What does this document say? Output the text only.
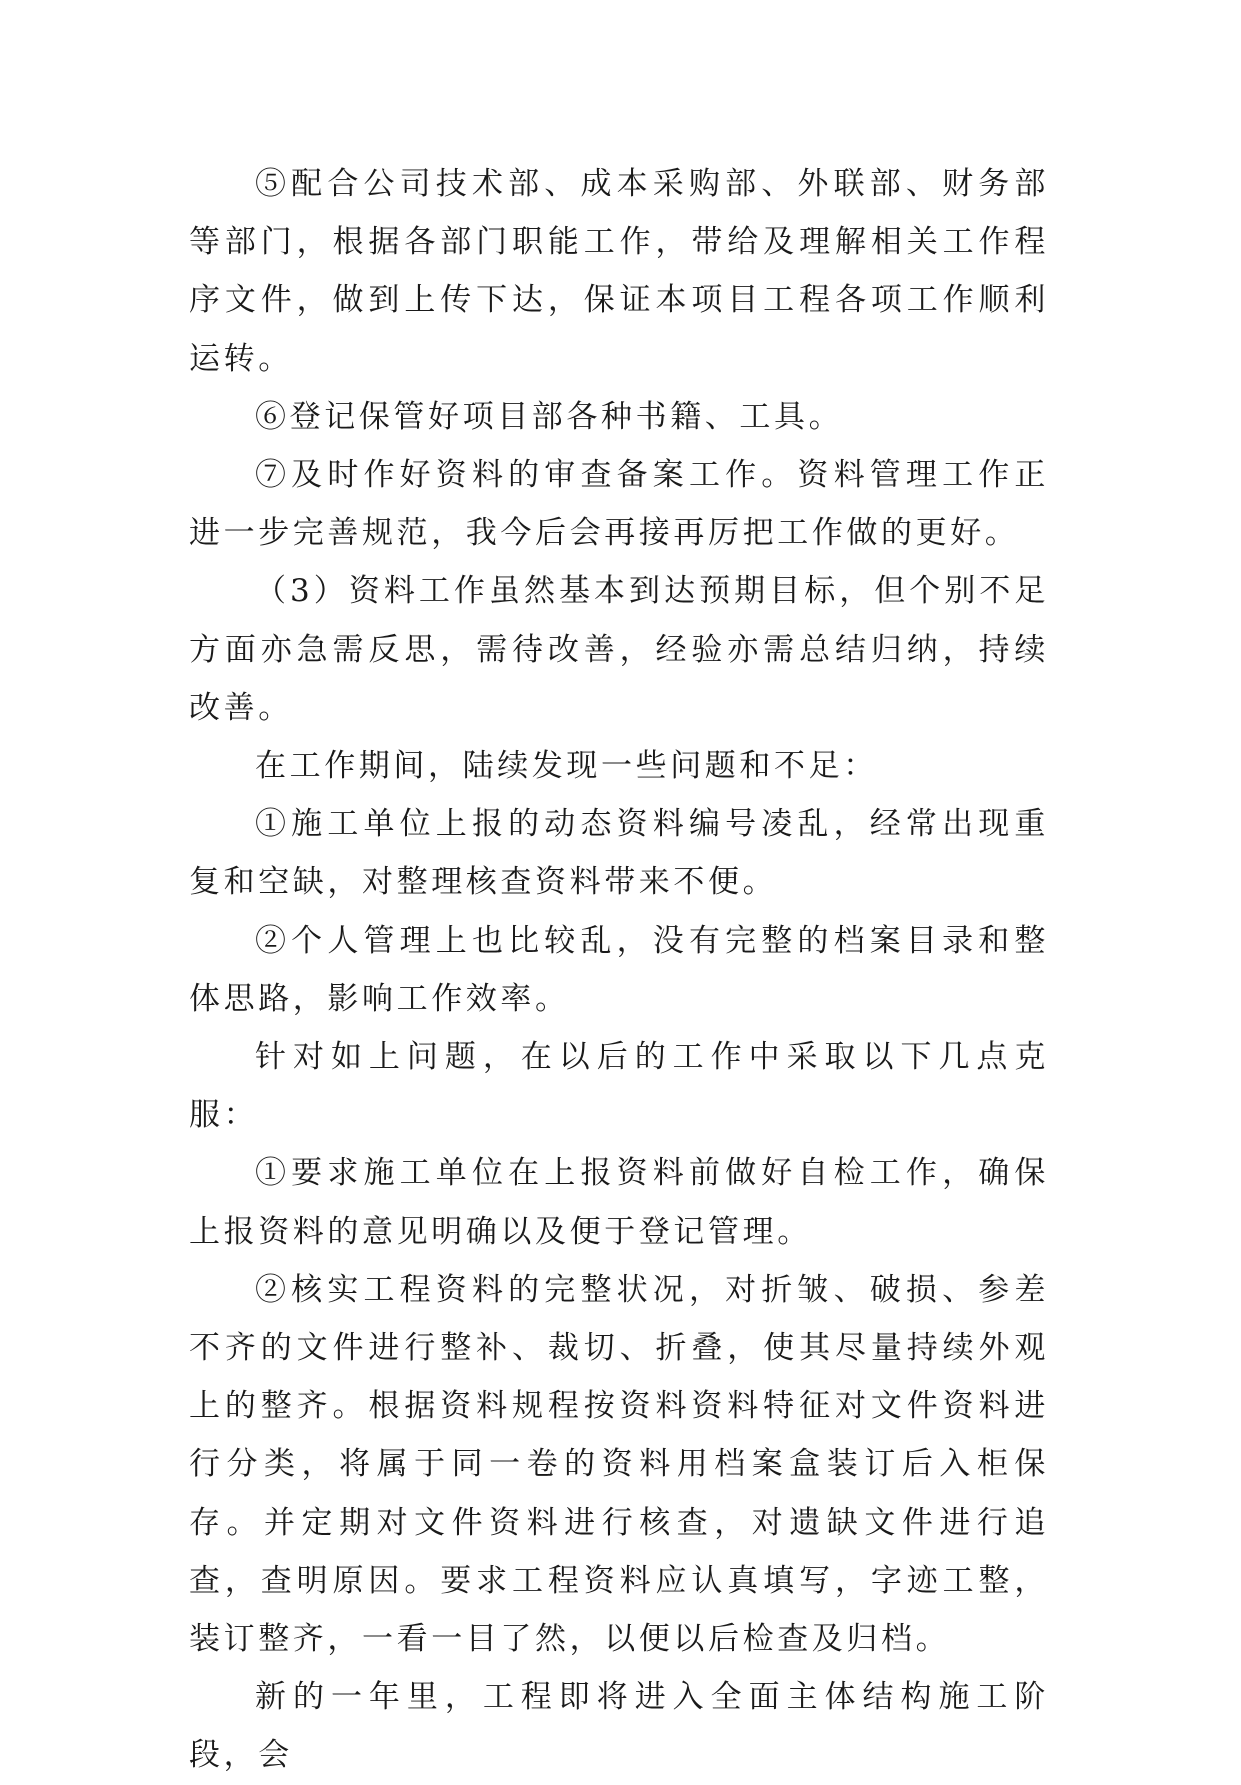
⑤配合公司技术部、成本采购部、外联部、财务部等部门，根据各部门职能工作，带给及理解相关工作程序文件，做到上传下达，保证本项目工程各项工作顺利运转。

⑥登记保管好项目部各种书籍、工具。

⑦及时作好资料的审查备案工作。资料管理工作正进一步完善规范，我今后会再接再厉把工作做的更好。

（3）资料工作虽然基本到达预期目标，但个别不足方面亦急需反思，需待改善，经验亦需总结归纳，持续改善。

在工作期间，陆续发现一些问题和不足：

①施工单位上报的动态资料编号凌乱，经常出现重复和空缺，对整理核查资料带来不便。

②个人管理上也比较乱，没有完整的档案目录和整体思路，影响工作效率。

针对如上问题，在以后的工作中采取以下几点克服：

①要求施工单位在上报资料前做好自检工作，确保上报资料的意见明确以及便于登记管理。

②核实工程资料的完整状况，对折皱、破损、参差不齐的文件进行整补、裁切、折叠，使其尽量持续外观上的整齐。根据资料规程按资料资料特征对文件资料进行分类，将属于同一卷的资料用档案盒装订后入柜保存。并定期对文件资料进行核查，对遗缺文件进行追查，查明原因。要求工程资料应认真填写，字迹工整，装订整齐，一看一目了然，以便以后检查及归档。

新的一年里，工程即将进入全面主体结构施工阶段，会
